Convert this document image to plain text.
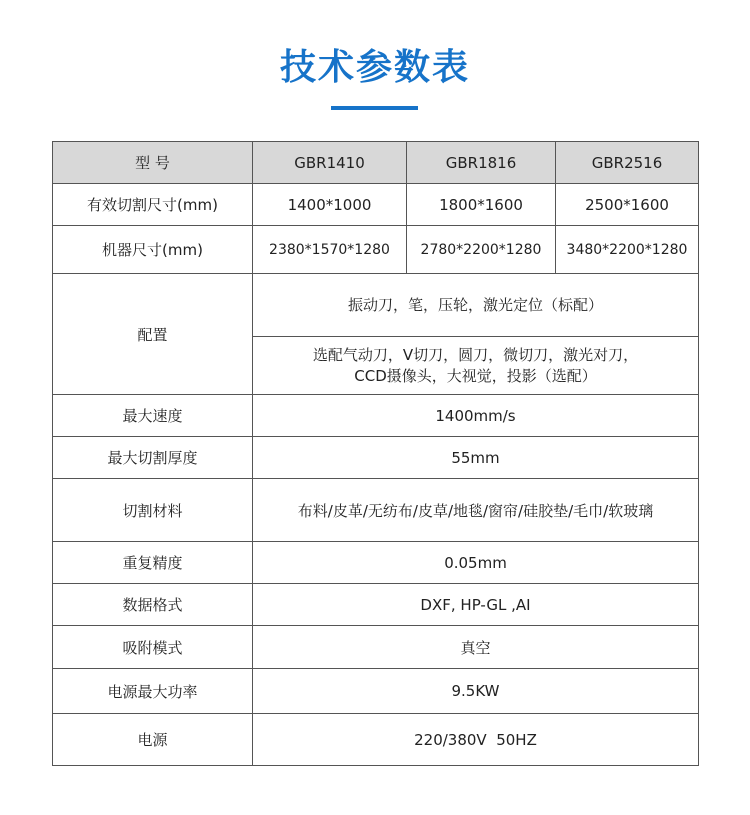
技术参数表
型 号	GBR1410	GBR1816	GBR2516
有效切割尺寸(mm)	1400*1000	1800*1600	2500*1600
机器尺寸(mm)	2380*1570*1280	2780*2200*1280	3480*2200*1280
配置	振动刀，笔，压轮，激光定位（标配）		

	选配气动刀，V切刀，圆刀，微切刀，激光对刀，
CCD摄像头，大视觉，投影（选配）		

最大速度	1400mm/s		
最大切割厚度	55mm		
切割材料	布料/皮革/无纺布/皮草/地毯/窗帘/硅胶垫/毛巾/软玻璃		
重复精度	0.05mm		
数据格式	DXF, HP-GL ,AI		
吸附模式	真空		
电源最大功率	9.5KW		
电源	220/380V  50HZ		
